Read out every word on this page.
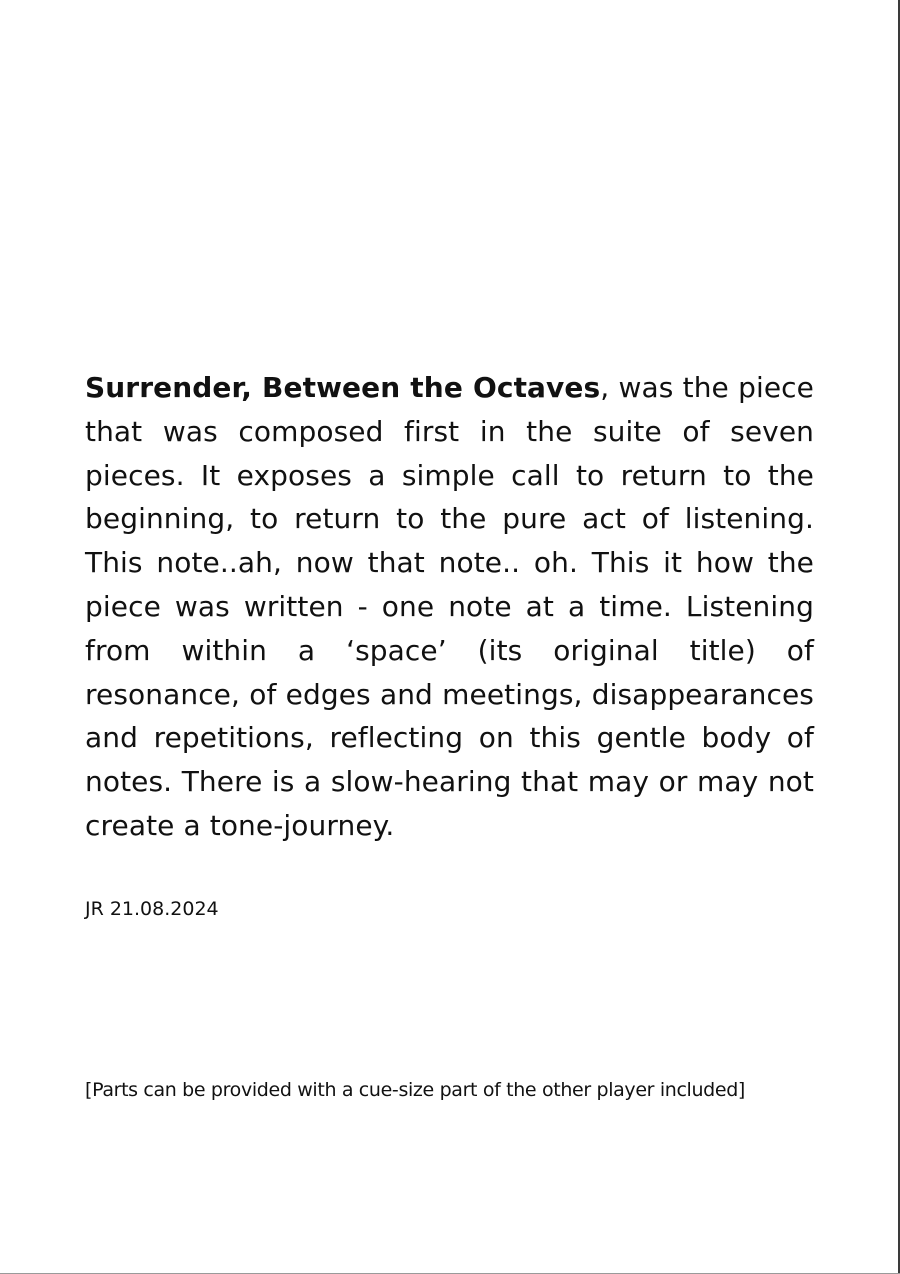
Surrender, Between the Octaves, was the piece that was composed first in the suite of seven pieces. It exposes a simple call to return to the beginning, to return to the pure act of listening. This note..ah, now that note.. oh. This it how the piece was written - one note at a time. Listening from within a ‘space’ (its original title) of resonance, of edges and meetings, disappearances and repetitions, reflecting on this gentle body of notes. There is a slow-hearing that may or may not create a tone-journey.

JR 21.08.2024

[Parts can be provided with a cue-size part of the other player included]
